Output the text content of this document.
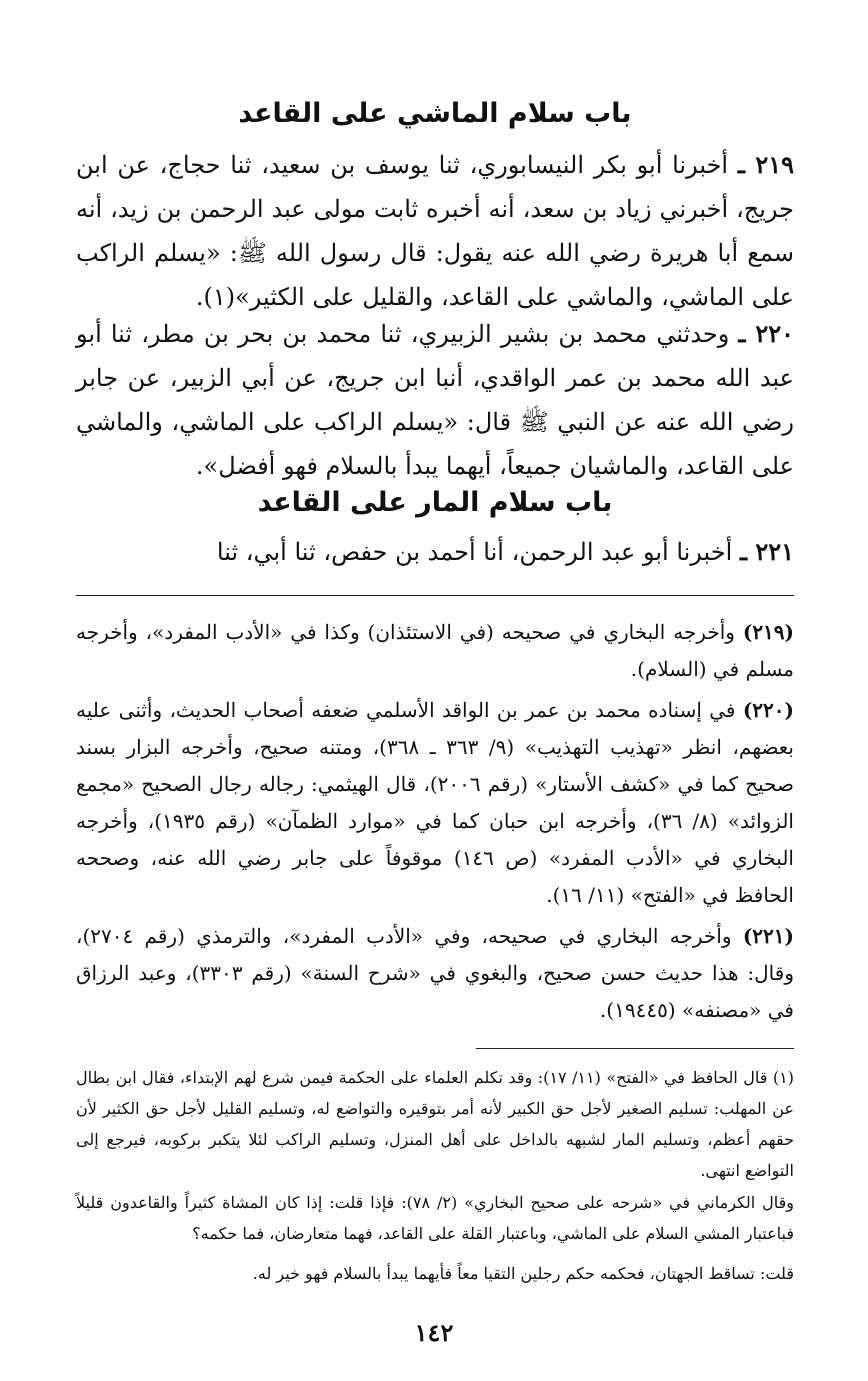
باب سلام الماشي على القاعد
٢١٩ ـ أخبرنا أبو بكر النيسابوري، ثنا يوسف بن سعيد، ثنا حجاج، عن ابن جريج، أخبرني زياد بن سعد، أنه أخبره ثابت مولى عبد الرحمن بن زيد، أنه سمع أبا هريرة رضي الله عنه يقول: قال رسول الله ﷺ: «يسلم الراكب على الماشي، والماشي على القاعد، والقليل على الكثير»(١).
٢٢٠ ـ وحدثني محمد بن بشير الزبيري، ثنا محمد بن بحر بن مطر، ثنا أبو عبد الله محمد بن عمر الواقدي، أنبا ابن جريج، عن أبي الزبير، عن جابر رضي الله عنه عن النبي ﷺ قال: «يسلم الراكب على الماشي، والماشي على القاعد، والماشيان جميعاً، أيهما يبدأ بالسلام فهو أفضل».
باب سلام المار على القاعد
٢٢١ ـ أخبرنا أبو عبد الرحمن، أنا أحمد بن حفص، ثنا أبي، ثنا
(٢١٩) وأخرجه البخاري في صحيحه (في الاستئذان) وكذا في «الأدب المفرد»، وأخرجه مسلم في (السلام).
(٢٢٠) في إسناده محمد بن عمر بن الواقد الأسلمي ضعفه أصحاب الحديث، وأثنى عليه بعضهم، انظر «تهذيب التهذيب» (٩/ ٣٦٣ ـ ٣٦٨)، ومتنه صحيح، وأخرجه البزار بسند صحيح كما في «كشف الأستار» (رقم ٢٠٠٦)، قال الهيثمي: رجاله رجال الصحيح «مجمع الزوائد» (٨/ ٣٦)، وأخرجه ابن حبان كما في «موارد الظمآن» (رقم ١٩٣٥)، وأخرجه البخاري في «الأدب المفرد» (ص ١٤٦) موقوفاً على جابر رضي الله عنه، وصححه الحافظ في «الفتح» (١١/ ١٦).
(٢٢١) وأخرجه البخاري في صحيحه، وفي «الأدب المفرد»، والترمذي (رقم ٢٧٠٤)، وقال: هذا حديث حسن صحيح، والبغوي في «شرح السنة» (رقم ٣٣٠٣)، وعبد الرزاق في «مصنفه» (١٩٤٤٥).
(١) قال الحافظ في «الفتح» (١١/ ١٧): وقد تكلم العلماء على الحكمة فيمن شرع لهم الإبتداء، فقال ابن بطال عن المهلب: تسليم الصغير لأجل حق الكبير لأنه أمر بتوقيره والتواضع له، وتسليم القليل لأجل حق الكثير لأن حقهم أعظم، وتسليم المار لشبهه بالداخل على أهل المنزل، وتسليم الراكب لئلا يتكبر بركوبه، فيرجع إلى التواضع انتهى.
وقال الكرماني في «شرحه على صحيح البخاري» (٢/ ٧٨): فإذا قلت: إذا كان المشاة كثيراً والقاعدون قليلاً فباعتبار المشي السلام على الماشي، وباعتبار القلة على القاعد، فهما متعارضان، فما حكمه؟
قلت: تساقط الجهتان، فحكمه حكم رجلين التقيا معاً فأيهما يبدأ بالسلام فهو خير له.
١٤٢
